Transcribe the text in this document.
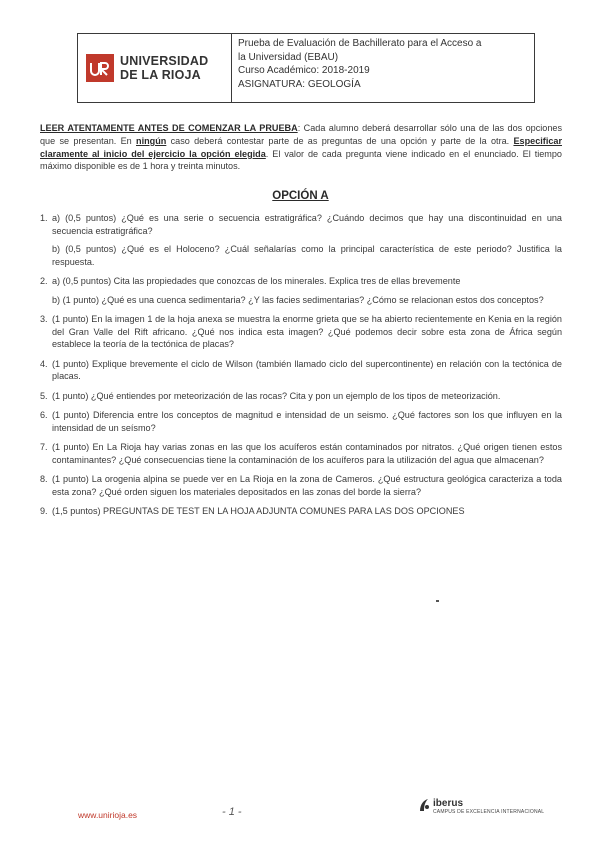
UNIVERSIDAD
DE LA RIOJA
Prueba de Evaluación de Bachillerato para el Acceso a
la Universidad (EBAU)
Curso Académico: 2018-2019
ASIGNATURA: GEOLOGÍA
LEER ATENTAMENTE ANTES DE COMENZAR LA PRUEBA: Cada alumno deberá desarrollar sólo una de las dos opciones que se presentan. En ningún caso deberá contestar parte de as preguntas de una opción y parte de la otra. Especificar claramente al inicio del ejercicio la opción elegida. El valor de cada pregunta viene indicado en el enunciado. El tiempo máximo disponible es de 1 hora y treinta minutos.
OPCIÓN A
1. a) (0,5 puntos) ¿Qué es una serie o secuencia estratigráfica? ¿Cuándo decimos que hay una discontinuidad en una secuencia estratigráfica?
b) (0,5 puntos) ¿Qué es el Holoceno? ¿Cuál señalarías como la principal característica de este periodo? Justifica la respuesta.
2. a) (0,5 puntos) Cita las propiedades que conozcas de los minerales. Explica tres de ellas brevemente
b) (1 punto) ¿Qué es una cuenca sedimentaria? ¿Y las facies sedimentarias? ¿Cómo se relacionan estos dos conceptos?
3. (1 punto) En la imagen 1 de la hoja anexa se muestra la enorme grieta que se ha abierto recientemente en Kenia en la región del Gran Valle del Rift africano. ¿Qué nos indica esta imagen? ¿Qué podemos decir sobre esta zona de África según establece la teoría de la tectónica de placas?
4. (1 punto) Explique brevemente el ciclo de Wilson (también llamado ciclo del supercontinente) en relación con la tectónica de placas.
5. (1 punto) ¿Qué entiendes por meteorización de las rocas? Cita y pon un ejemplo de los tipos de meteorización.
6. (1 punto) Diferencia entre los conceptos de magnitud e intensidad de un seismo. ¿Qué factores son los que influyen en la intensidad de un seísmo?
7. (1 punto) En La Rioja hay varias zonas en las que los acuíferos están contaminados por nitratos. ¿Qué origen tienen estos contaminantes? ¿Qué consecuencias tiene la contaminación de los acuíferos para la utilización del agua que almacenan?
8. (1 punto) La orogenia alpina se puede ver en La Rioja en la zona de Cameros. ¿Qué estructura geológica caracteriza a toda esta zona? ¿Qué orden siguen los materiales depositados en las zonas del borde la sierra?
9. (1,5 puntos) PREGUNTAS DE TEST EN LA HOJA ADJUNTA COMUNES PARA LAS DOS OPCIONES
www.unirioja.es	- 1 -
iberus
CAMPUS DE EXCELENCIA INTERNACIONAL
